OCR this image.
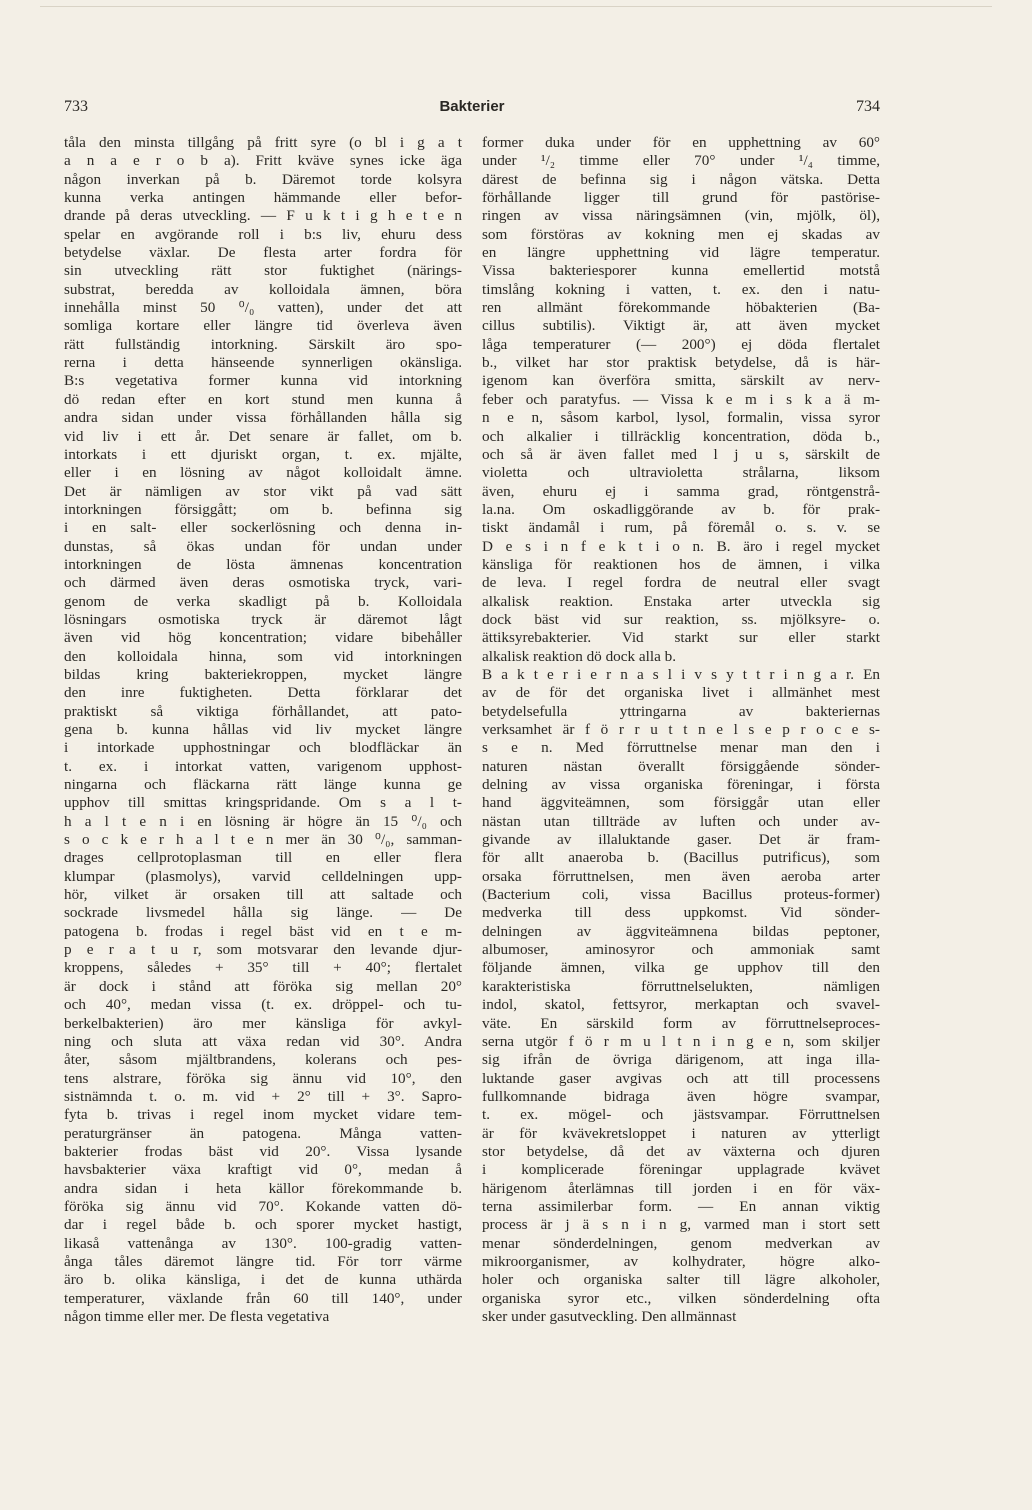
733	Bakterier	734

tåla den minsta tillgång på fritt syre (o bl i g a t

a n a e r o b a). Fritt kväve synes icke äga

någon inverkan på b. Däremot torde kolsyra

kunna verka antingen hämmande eller befor-

drande på deras utveckling. — F u k t i g h e t e n

spelar en avgörande roll i b:s liv, ehuru dess

betydelse växlar. De flesta arter fordra för

sin utveckling rätt stor fuktighet (närings-

substrat, beredda av kolloidala ämnen, böra

innehålla minst 50 ⁰/₀ vatten), under det att

somliga kortare eller längre tid överleva även

rätt fullständig intorkning. Särskilt äro spo-

rerna i detta hänseende synnerligen okänsliga.

B:s vegetativa former kunna vid intorkning

dö redan efter en kort stund men kunna å

andra sidan under vissa förhållanden hålla sig

vid liv i ett år. Det senare är fallet, om b.

intorkats i ett djuriskt organ, t. ex. mjälte,

eller i en lösning av något kolloidalt ämne.

Det är nämligen av stor vikt på vad sätt

intorkningen försiggått; om b. befinna sig

i en salt- eller sockerlösning och denna in-

dunstas, så ökas undan för undan under

intorkningen de lösta ämnenas koncentration

och därmed även deras osmotiska tryck, vari-

genom de verka skadligt på b. Kolloidala

lösningars osmotiska tryck är däremot lågt

även vid hög koncentration; vidare bibehåller

den kolloidala hinna, som vid intorkningen

bildas kring bakteriekroppen, mycket längre

den inre fuktigheten. Detta förklarar det

praktiskt så viktiga förhållandet, att pato-

gena b. kunna hållas vid liv mycket längre

i intorkade upphostningar och blodfläckar än

t. ex. i intorkat vatten, varigenom upphost-

ningarna och fläckarna rätt länge kunna ge

upphov till smittas kringspridande. Om s a l t-

h a l t e n i en lösning är högre än 15 ⁰/₀ och

s o c k e r h a l t e n mer än 30 ⁰/₀, samman-

drages cellprotoplasman till en eller flera

klumpar (plasmolys), varvid celldelningen upp-

hör, vilket är orsaken till att saltade och

sockrade livsmedel hålla sig länge. — De

patogena b. frodas i regel bäst vid en t e m-

p e r a t u r, som motsvarar den levande djur-

kroppens, således + 35° till + 40°; flertalet

är dock i stånd att föröka sig mellan 20°

och 40°, medan vissa (t. ex. dröppel- och tu-

berkelbakterien) äro mer känsliga för avkyl-

ning och sluta att växa redan vid 30°. Andra

åter, såsom mjältbrandens, kolerans och pes-

tens alstrare, föröka sig ännu vid 10°, den

sistnämnda t. o. m. vid + 2° till + 3°. Sapro-

fyta b. trivas i regel inom mycket vidare tem-

peraturgränser än patogena. Många vatten-

bakterier frodas bäst vid 20°. Vissa lysande

havsbakterier växa kraftigt vid 0°, medan å

andra sidan i heta källor förekommande b.

föröka sig ännu vid 70°. Kokande vatten dö-

dar i regel både b. och sporer mycket hastigt,

likaså vattenånga av 130°. 100-gradig vatten-

ånga tåles däremot längre tid. För torr värme

äro b. olika känsliga, i det de kunna uthärda

temperaturer, växlande från 60 till 140°, under

någon timme eller mer. De flesta vegetativa

former duka under för en upphettning av 60°

under ¹/₂ timme eller 70° under ¹/₄ timme,

därest de befinna sig i någon vätska. Detta

förhållande ligger till grund för pastörise-

ringen av vissa näringsämnen (vin, mjölk, öl),

som förstöras av kokning men ej skadas av

en längre upphettning vid lägre temperatur.

Vissa bakteriesporer kunna emellertid motstå

timslång kokning i vatten, t. ex. den i natu-

ren allmänt förekommande höbakterien (Ba-

cillus subtilis). Viktigt är, att även mycket

låga temperaturer (— 200°) ej döda flertalet

b., vilket har stor praktisk betydelse, då is här-

igenom kan överföra smitta, särskilt av nerv-

feber och paratyfus. — Vissa k e m i s k a ä m-

n e n, såsom karbol, lysol, formalin, vissa syror

och alkalier i tillräcklig koncentration, döda b.,

och så är även fallet med l j u s, särskilt de

violetta och ultravioletta strålarna, liksom

även, ehuru ej i samma grad, röntgenstrå-

la.na. Om oskadliggörande av b. för prak-

tiskt ändamål i rum, på föremål o. s. v. se

D e s i n f e k t i o n. B. äro i regel mycket

känsliga för reaktionen hos de ämnen, i vilka

de leva. I regel fordra de neutral eller svagt

alkalisk reaktion. Enstaka arter utveckla sig

dock bäst vid sur reaktion, ss. mjölksyre- o.

ättiksyrebakterier. Vid starkt sur eller starkt

alkalisk reaktion dö dock alla b.

B a k t e r i e r n a s l i v s y t t r i n g a r. En

av de för det organiska livet i allmänhet mest

betydelsefulla yttringarna av bakteriernas

verksamhet är f ö r r u t t n e l s e p r o c e s-

s e n. Med förruttnelse menar man den i

naturen nästan överallt försiggående sönder-

delning av vissa organiska föreningar, i första

hand äggviteämnen, som försiggår utan eller

nästan utan tillträde av luften och under av-

givande av illaluktande gaser. Det är fram-

för allt anaeroba b. (Bacillus putrificus), som

orsaka förruttnelsen, men även aeroba arter

(Bacterium coli, vissa Bacillus proteus-former)

medverka till dess uppkomst. Vid sönder-

delningen av äggviteämnena bildas peptoner,

albumoser, aminosyror och ammoniak samt

följande ämnen, vilka ge upphov till den

karakteristiska förruttnelselukten, nämligen

indol, skatol, fettsyror, merkaptan och svavel-

väte. En särskild form av förruttnelseproces-

serna utgör f ö r m u l t n i n g e n, som skiljer

sig ifrån de övriga därigenom, att inga illa-

luktande gaser avgivas och att till processens

fullkomnande bidraga även högre svampar,

t. ex. mögel- och jästsvampar. Förruttnelsen

är för kvävekretsloppet i naturen av ytterligt

stor betydelse, då det av växterna och djuren

i komplicerade föreningar upplagrade kvävet

härigenom återlämnas till jorden i en för väx-

terna assimilerbar form. — En annan viktig

process är j ä s n i n g, varmed man i stort sett

menar sönderdelningen, genom medverkan av

mikroorganismer, av kolhydrater, högre alko-

holer och organiska salter till lägre alkoholer,

organiska syror etc., vilken sönderdelning ofta

sker under gasutveckling. Den allmännast
